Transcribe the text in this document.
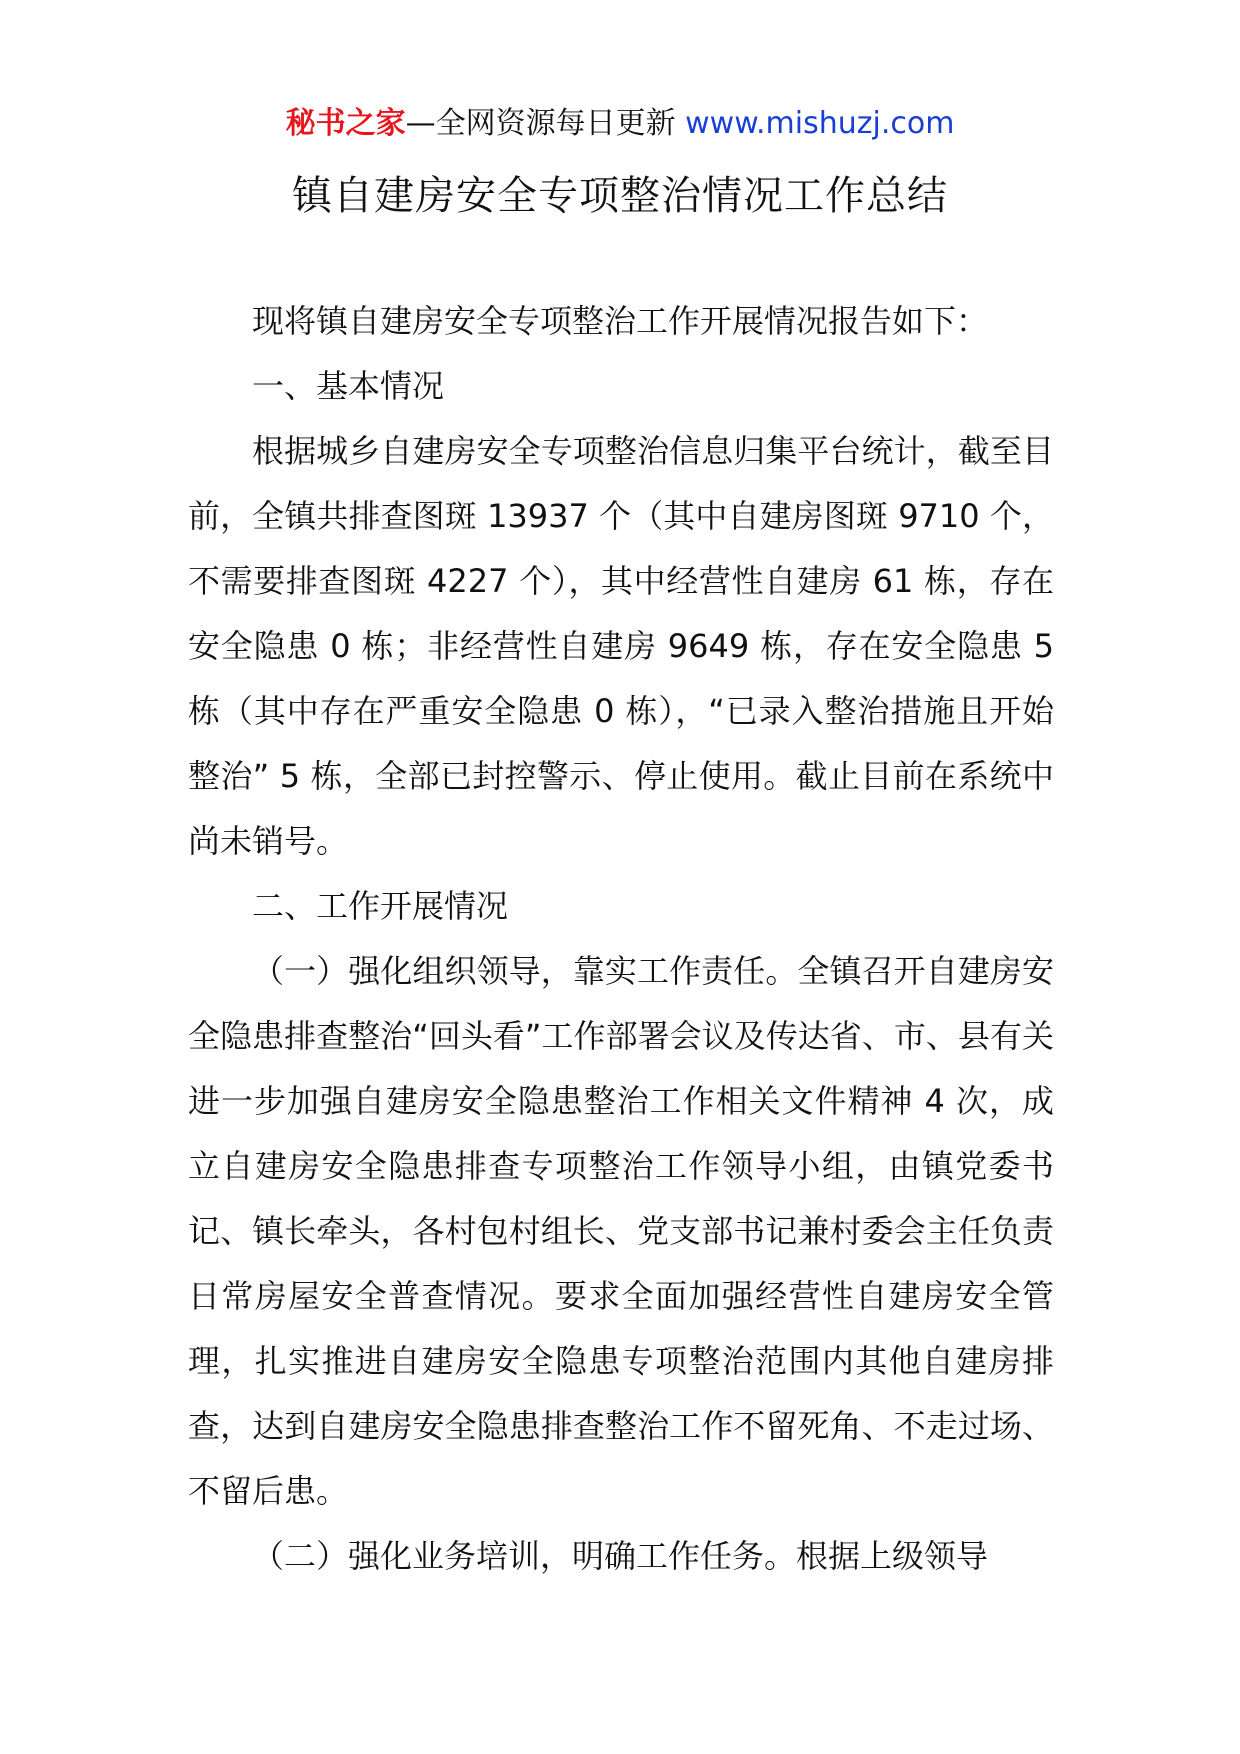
秘书之家—全网资源每日更新 www.mishuzj.com
镇自建房安全专项整治情况工作总结

现将镇自建房安全专项整治工作开展情况报告如下：

一、基本情况

根据城乡自建房安全专项整治信息归集平台统计，截至目前，全镇共排查图斑 13937 个（其中自建房图斑 9710 个，不需要排查图斑 4227 个），其中经营性自建房 61 栋，存在安全隐患 0 栋；非经营性自建房 9649 栋，存在安全隐患 5 栋（其中存在严重安全隐患 0 栋），“已录入整治措施且开始整治” 5 栋，全部已封控警示、停止使用。截止目前在系统中尚未销号。

二、工作开展情况

（一）强化组织领导，靠实工作责任。全镇召开自建房安全隐患排查整治“回头看”工作部署会议及传达省、市、县有关进一步加强自建房安全隐患整治工作相关文件精神 4 次，成立自建房安全隐患排查专项整治工作领导小组，由镇党委书记、镇长牵头，各村包村组长、党支部书记兼村委会主任负责日常房屋安全普查情况。要求全面加强经营性自建房安全管理，扎实推进自建房安全隐患专项整治范围内其他自建房排查，达到自建房安全隐患排查整治工作不留死角、不走过场、不留后患。

（二）强化业务培训，明确工作任务。根据上级领导
